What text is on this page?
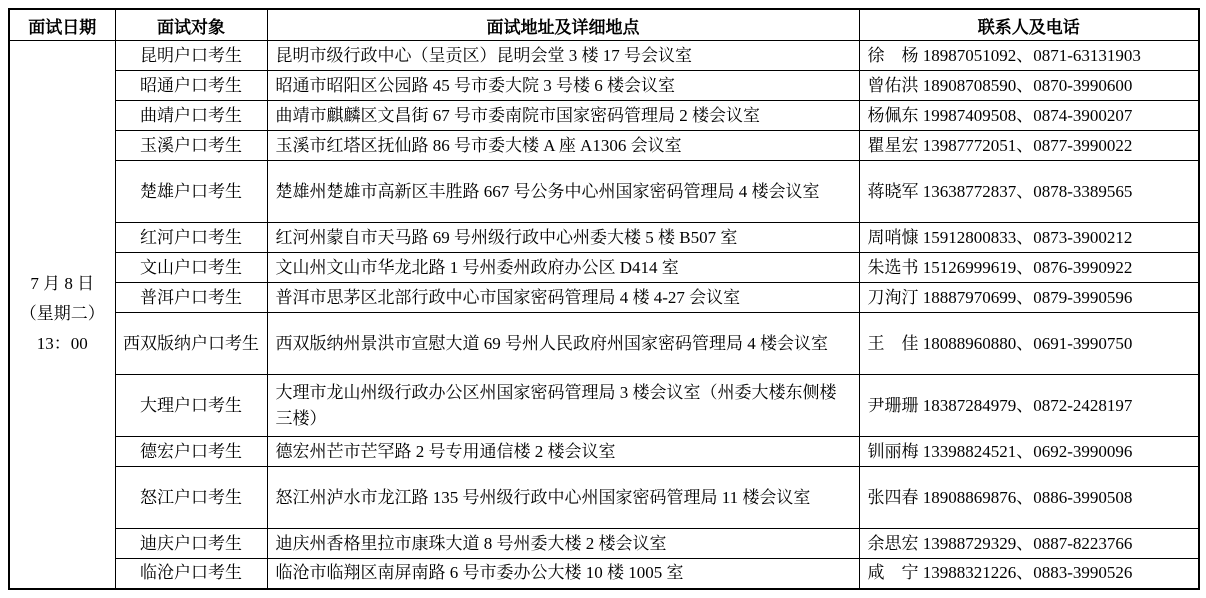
面试日期	面试对象	面试地址及详细地点	联系人及电话

7 月 8 日
（星期二）
13：00	昆明户口考生	昆明市级行政中心（呈贡区）昆明会堂 3 楼 17 号会议室	徐　杨 18987051092、0871-63131903
	昭通户口考生	昭通市昭阳区公园路 45 号市委大院 3 号楼 6 楼会议室	曾佑洪 18908708590、0870-3990600
	曲靖户口考生	曲靖市麒麟区文昌街 67 号市委南院市国家密码管理局 2 楼会议室	杨佩东 19987409508、0874-3900207
	玉溪户口考生	玉溪市红塔区抚仙路 86 号市委大楼 A 座 A1306 会议室	瞿星宏 13987772051、0877-3990022
	楚雄户口考生	楚雄州楚雄市高新区丰胜路 667 号公务中心州国家密码管理局 4 楼会议室	蒋晓军 13638772837、0878-3389565
	红河户口考生	红河州蒙自市天马路 69 号州级行政中心州委大楼 5 楼 B507 室	周哨慷 15912800833、0873-3900212
	文山户口考生	文山州文山市华龙北路 1 号州委州政府办公区 D414 室	朱选书 15126999619、0876-3990922
	普洱户口考生	普洱市思茅区北部行政中心市国家密码管理局 4 楼 4-27 会议室	刀洵汀 18887970699、0879-3990596
	西双版纳户口考生	西双版纳州景洪市宣慰大道 69 号州人民政府州国家密码管理局 4 楼会议室	王　佳 18088960880、0691-3990750
	大理户口考生	大理市龙山州级行政办公区州国家密码管理局 3 楼会议室（州委大楼东侧楼三楼）	尹珊珊 18387284979、0872-2428197
	德宏户口考生	德宏州芒市芒罕路 2 号专用通信楼 2 楼会议室	钏丽梅 13398824521、0692-3990096
	怒江户口考生	怒江州泸水市龙江路 135 号州级行政中心州国家密码管理局 11 楼会议室	张四春 18908869876、0886-3990508
	迪庆户口考生	迪庆州香格里拉市康珠大道 8 号州委大楼 2 楼会议室	余思宏 13988729329、0887-8223766
	临沧户口考生	临沧市临翔区南屏南路 6 号市委办公大楼 10 楼 1005 室	咸　宁 13988321226、0883-3990526
